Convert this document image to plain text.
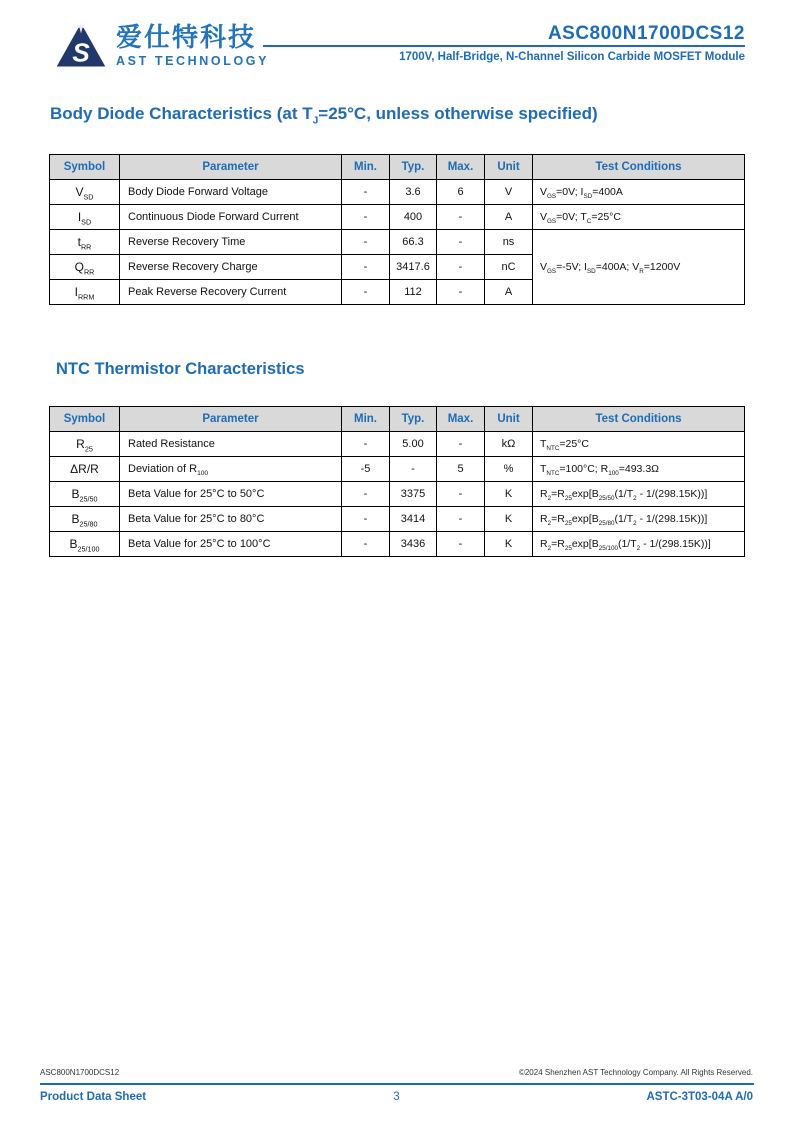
S
爱仕特科技
AST TECHNOLOGY
ASC800N1700DCS12
1700V, Half-Bridge, N-Channel Silicon Carbide MOSFET Module
Body Diode Characteristics (at $T_J=25^\circ C$, unless otherwise specified)
Symbol	Parameter	Min.	Typ.	Max.	Unit	Test Conditions
$V_{SD}$	Body Diode Forward Voltage	-	3.6	6	V	$V_{GS}=0V$; $I_{SD}=400A$
$I_{SD}$	Continuous Diode Forward Current	-	400	-	A	$V_{GS}=0V$; $T_C=25^\circ C$
$t_{RR}$	Reverse Recovery Time	-	66.3	-	ns	$V_{GS}=-5V$; $I_{SD}=400A$; $V_R=1200V$
$Q_{RR}$	Reverse Recovery Charge	-	3417.6	-	nC	
$I_{RRM}$	Peak Reverse Recovery Current	-	112	-	A	
NTC Thermistor Characteristics
Symbol	Parameter	Min.	Typ.	Max.	Unit	Test Conditions
$R_{25}$	Rated Resistance	-	5.00	-	kΩ	$T_{NTC}=25^\circ C$
ΔR/R	Deviation of $R_{100}$	-5	-	5	%	$T_{NTC}=100^\circ C$; $R_{100}=493.3\Omega$
$B_{25/50}$	Beta Value for 25°C to 50°C	-	3375	-	K	$R_2=R_{25}\exp[B_{25/50}(1/T_2 - 1/(298.15K))]$
$B_{25/80}$	Beta Value for 25°C to 80°C	-	3414	-	K	$R_2=R_{25}\exp[B_{25/80}(1/T_2 - 1/(298.15K))]$
$B_{25/100}$	Beta Value for 25°C to 100°C	-	3436	-	K	$R_2=R_{25}\exp[B_{25/100}(1/T_2 - 1/(298.15K))]$
ASC800N1700DCS12	©2024 Shenzhen AST Technology Company. All Rights Reserved.
Product Data Sheet	3	ASTC-3T03-04A A/0
